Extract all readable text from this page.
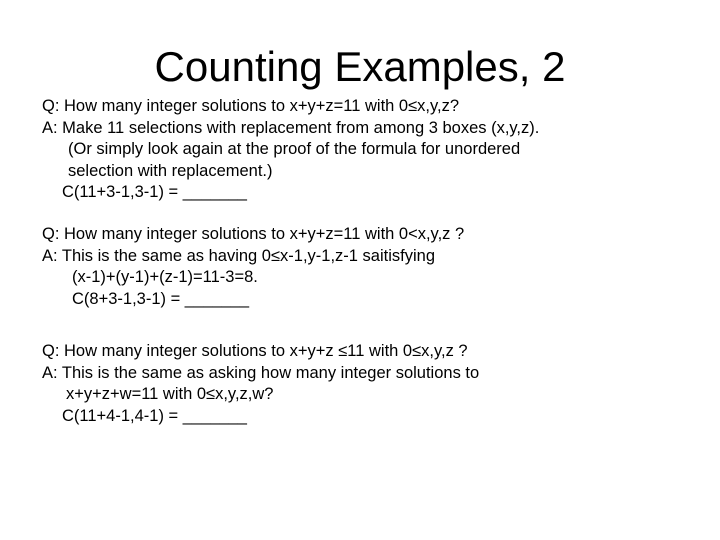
Counting Examples, 2
Q: How many integer solutions to x+y+z=11 with 0≤x,y,z?
A: Make 11 selections with replacement from among 3 boxes (x,y,z).
(Or simply look again at the proof of the formula for unordered
selection with replacement.)
C(11+3-1,3-1) = _______
Q: How many integer solutions to x+y+z=11 with 0<x,y,z ?
A: This is the same as having 0≤x-1,y-1,z-1 saitisfying
(x-1)+(y-1)+(z-1)=11-3=8.
C(8+3-1,3-1) = _______
Q: How many integer solutions to x+y+z ≤11 with 0≤x,y,z ?
A: This is the same as asking how many integer solutions to
x+y+z+w=11 with 0≤x,y,z,w?
C(11+4-1,4-1) = _______
